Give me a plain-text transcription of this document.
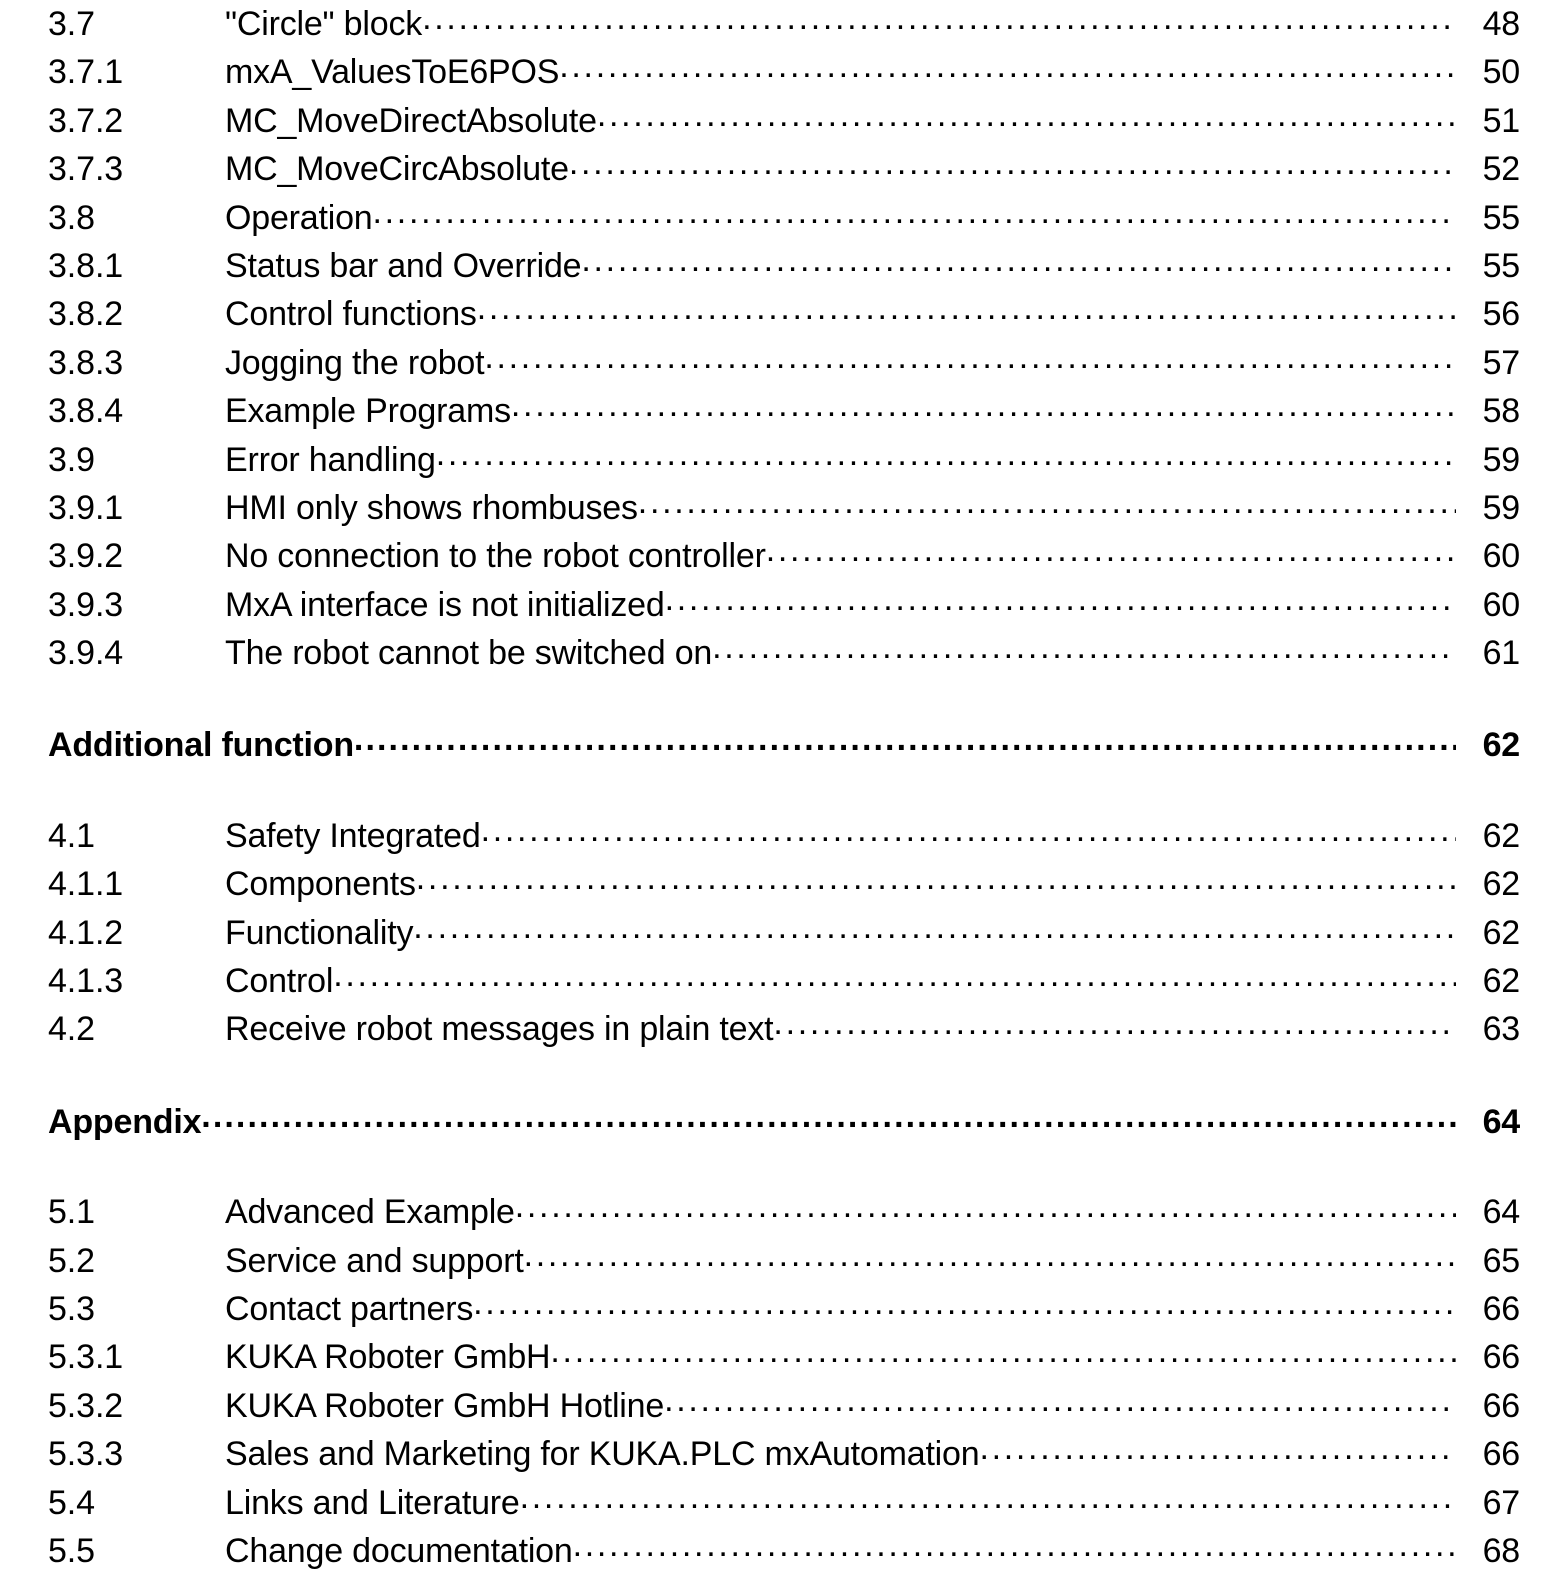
3.7	"Circle" block .....	48
3.7.1	mxA_ValuesToE6POS .....	50
3.7.2	MC_MoveDirectAbsolute .....	51
3.7.3	MC_MoveCircAbsolute .....	52
3.8	Operation .....	55
3.8.1	Status bar and Override .....	55
3.8.2	Control functions .....	56
3.8.3	Jogging the robot .....	57
3.8.4	Example Programs .....	58
3.9	Error handling .....	59
3.9.1	HMI only shows rhombuses .....	59
3.9.2	No connection to the robot controller .....	60
3.9.3	MxA interface is not initialized .....	60
3.9.4	The robot cannot be switched on .....	61
Additional function .....	62
4.1	Safety Integrated .....	62
4.1.1	Components .....	62
4.1.2	Functionality .....	62
4.1.3	Control .....	62
4.2	Receive robot messages in plain text .....	63
Appendix .....	64
5.1	Advanced Example .....	64
5.2	Service and support .....	65
5.3	Contact partners .....	66
5.3.1	KUKA Roboter GmbH .....	66
5.3.2	KUKA Roboter GmbH Hotline .....	66
5.3.3	Sales and Marketing for KUKA.PLC mxAutomation .....	66
5.4	Links and Literature .....	67
5.5	Change documentation .....	68
